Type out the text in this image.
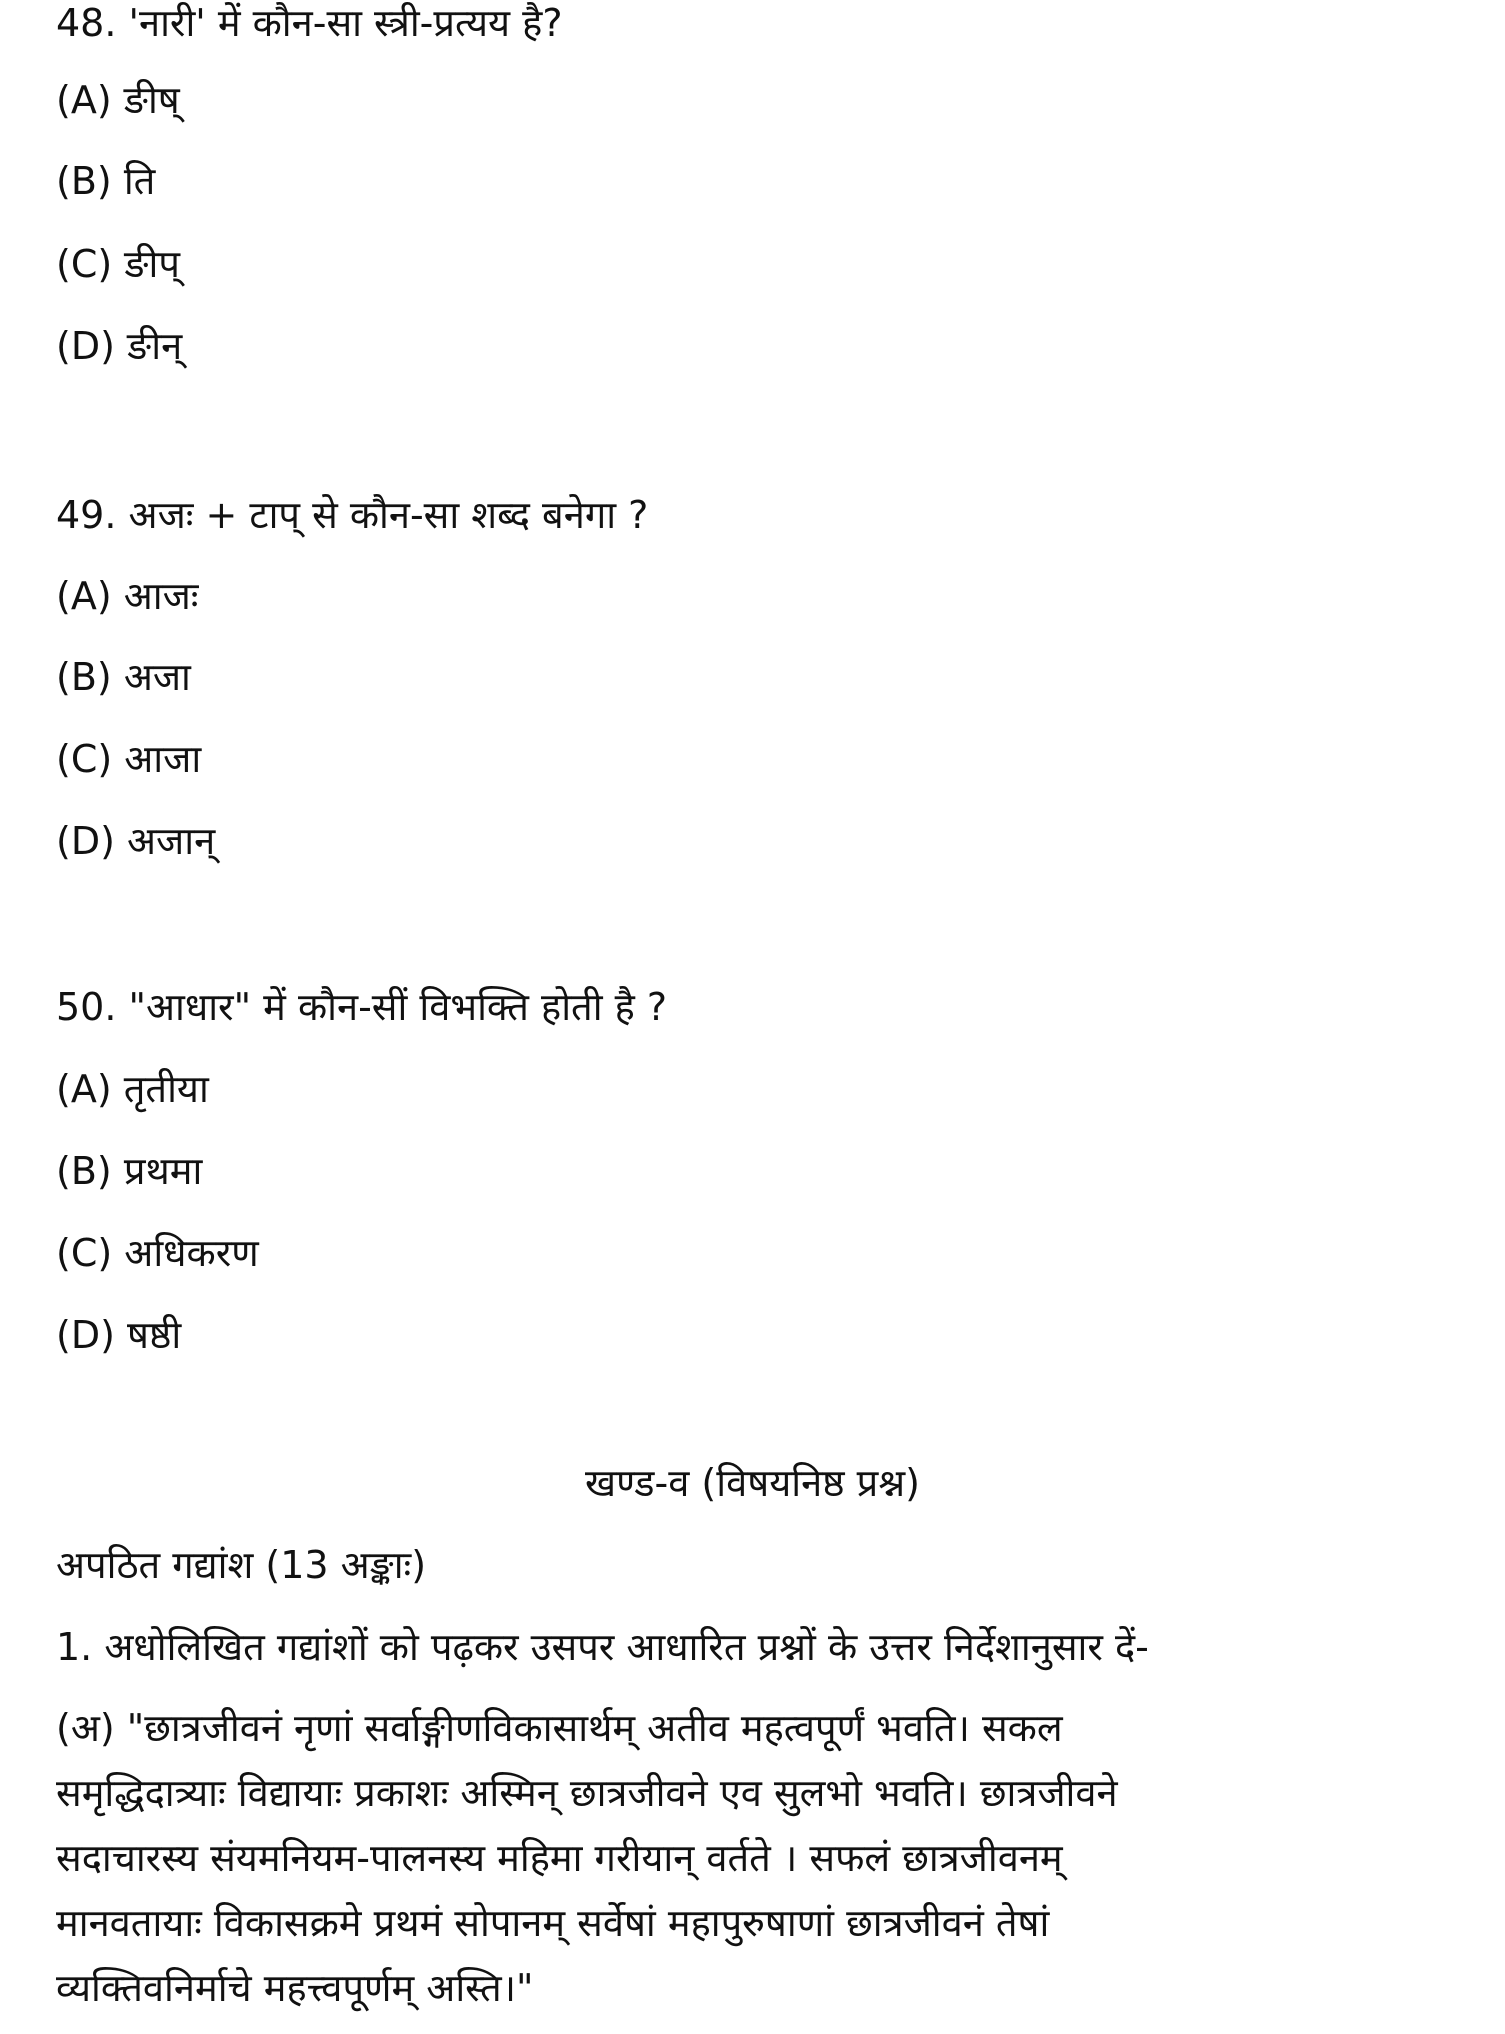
48. 'नारी' में कौन-सा स्त्री-प्रत्यय है?
(A) ङीष्
(B) ति
(C) ङीप्
(D) ङीन्
49. अजः + टाप् से कौन-सा शब्द बनेगा ?
(A) आजः
(B) अजा
(C) आजा
(D) अजान्
50. "आधार" में कौन-सीं विभक्ति होती है ?
(A) तृतीया
(B) प्रथमा
(C) अधिकरण
(D) षष्ठी
खण्ड-व (विषयनिष्ठ प्रश्न)
अपठित गद्यांश (13 अङ्काः)
1. अधोलिखित गद्यांशों को पढ़कर उसपर आधारित प्रश्नों के उत्तर निर्देशानुसार दें-
(अ) "छात्रजीवनं नृणां सर्वाङ्गीणविकासार्थम् अतीव महत्वपूर्णं भवति। सकल
समृद्धिदात्र्याः विद्यायाः प्रकाशः अस्मिन् छात्रजीवने एव सुलभो भवति। छात्रजीवने
सदाचारस्य संयमनियम-पालनस्य महिमा गरीयान् वर्तते । सफलं छात्रजीवनम्
मानवतायाः विकासक्रमे प्रथमं सोपानम् सर्वेषां महापुरुषाणां छात्रजीवनं तेषां
व्यक्तिवनिर्माचे महत्त्वपूर्णम् अस्ति।"
